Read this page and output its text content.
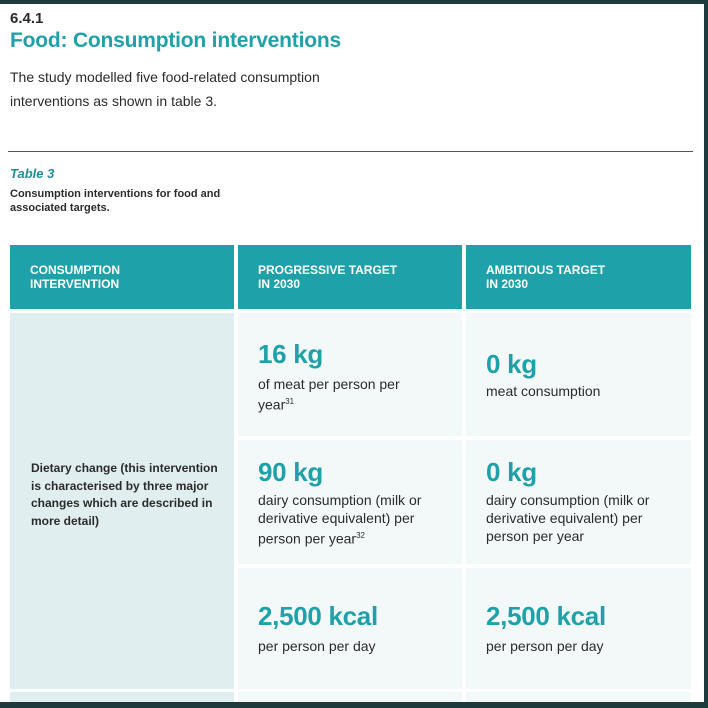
6.4.1
Food: Consumption interventions
The study modelled five food-related consumption interventions as shown in table 3.
Table 3
Consumption interventions for food and associated targets.
CONSUMPTION
INTERVENTION
PROGRESSIVE TARGET
IN 2030
AMBITIOUS TARGET
IN 2030
Dietary change (this intervention is characterised by three major changes which are described in more detail)
16 kg
of meat per person per year$^{31}$
90 kg
dairy consumption (milk or derivative equivalent) per person per year$^{32}$
2,500 kcal
per person per day
0 kg
meat consumption
0 kg
dairy consumption (milk or derivative equivalent) per person per year
2,500 kcal
per person per day
